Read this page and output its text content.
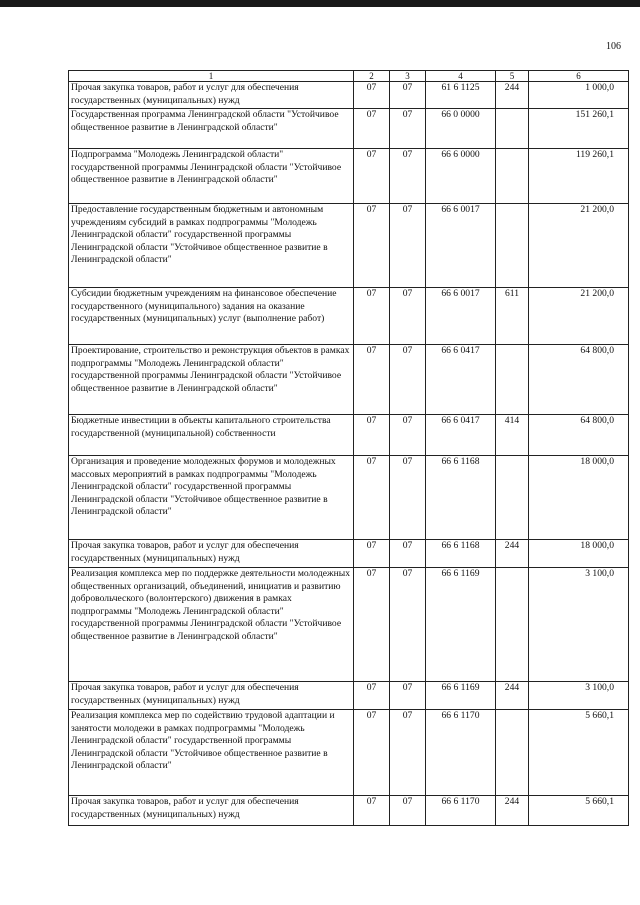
106
1	2	3	4	5	6
Прочая закупка товаров, работ и услуг для обеспечения государственных (муниципальных) нужд	07	07	61 6 1125	244	1 000,0
Государственная программа Ленинградской области "Устойчивое общественное развитие в Ленинградской области"	07	07	66 0 0000		151 260,1
Подпрограмма "Молодежь Ленинградской области" государственной программы Ленинградской области "Устойчивое общественное развитие в Ленинградской области"	07	07	66 6 0000		119 260,1
Предоставление государственным бюджетным и автономным учреждениям субсидий в рамках подпрограммы "Молодежь Ленинградской области" государственной программы Ленинградской области "Устойчивое общественное развитие в Ленинградской области"	07	07	66 6 0017		21 200,0
Субсидии бюджетным учреждениям на финансовое обеспечение государственного (муниципального) задания на оказание государственных (муниципальных) услуг (выполнение работ)	07	07	66 6 0017	611	21 200,0
Проектирование, строительство и реконструкция объектов в рамках подпрограммы "Молодежь Ленинградской области" государственной программы Ленинградской области "Устойчивое общественное развитие в Ленинградской области"	07	07	66 6 0417		64 800,0
Бюджетные инвестиции в объекты капитального строительства государственной (муниципальной) собственности	07	07	66 6 0417	414	64 800,0
Организация и проведение молодежных форумов и молодежных массовых мероприятий в рамках подпрограммы "Молодежь Ленинградской области" государственной программы Ленинградской области "Устойчивое общественное развитие в Ленинградской области"	07	07	66 6 1168		18 000,0
Прочая закупка товаров, работ и услуг для обеспечения государственных (муниципальных) нужд	07	07	66 6 1168	244	18 000,0
Реализация комплекса мер по поддержке деятельности молодежных общественных организаций, объединений, инициатив и развитию добровольческого (волонтерского) движения в рамках подпрограммы "Молодежь Ленинградской области" государственной программы Ленинградской области "Устойчивое общественное развитие в Ленинградской области"	07	07	66 6 1169		3 100,0
Прочая закупка товаров, работ и услуг для обеспечения государственных (муниципальных) нужд	07	07	66 6 1169	244	3 100,0
Реализация комплекса мер по содействию трудовой адаптации и занятости молодежи в рамках подпрограммы "Молодежь Ленинградской области" государственной программы Ленинградской области "Устойчивое общественное развитие в Ленинградской области"	07	07	66 6 1170		5 660,1
Прочая закупка товаров, работ и услуг для обеспечения государственных (муниципальных) нужд	07	07	66 6 1170	244	5 660,1
